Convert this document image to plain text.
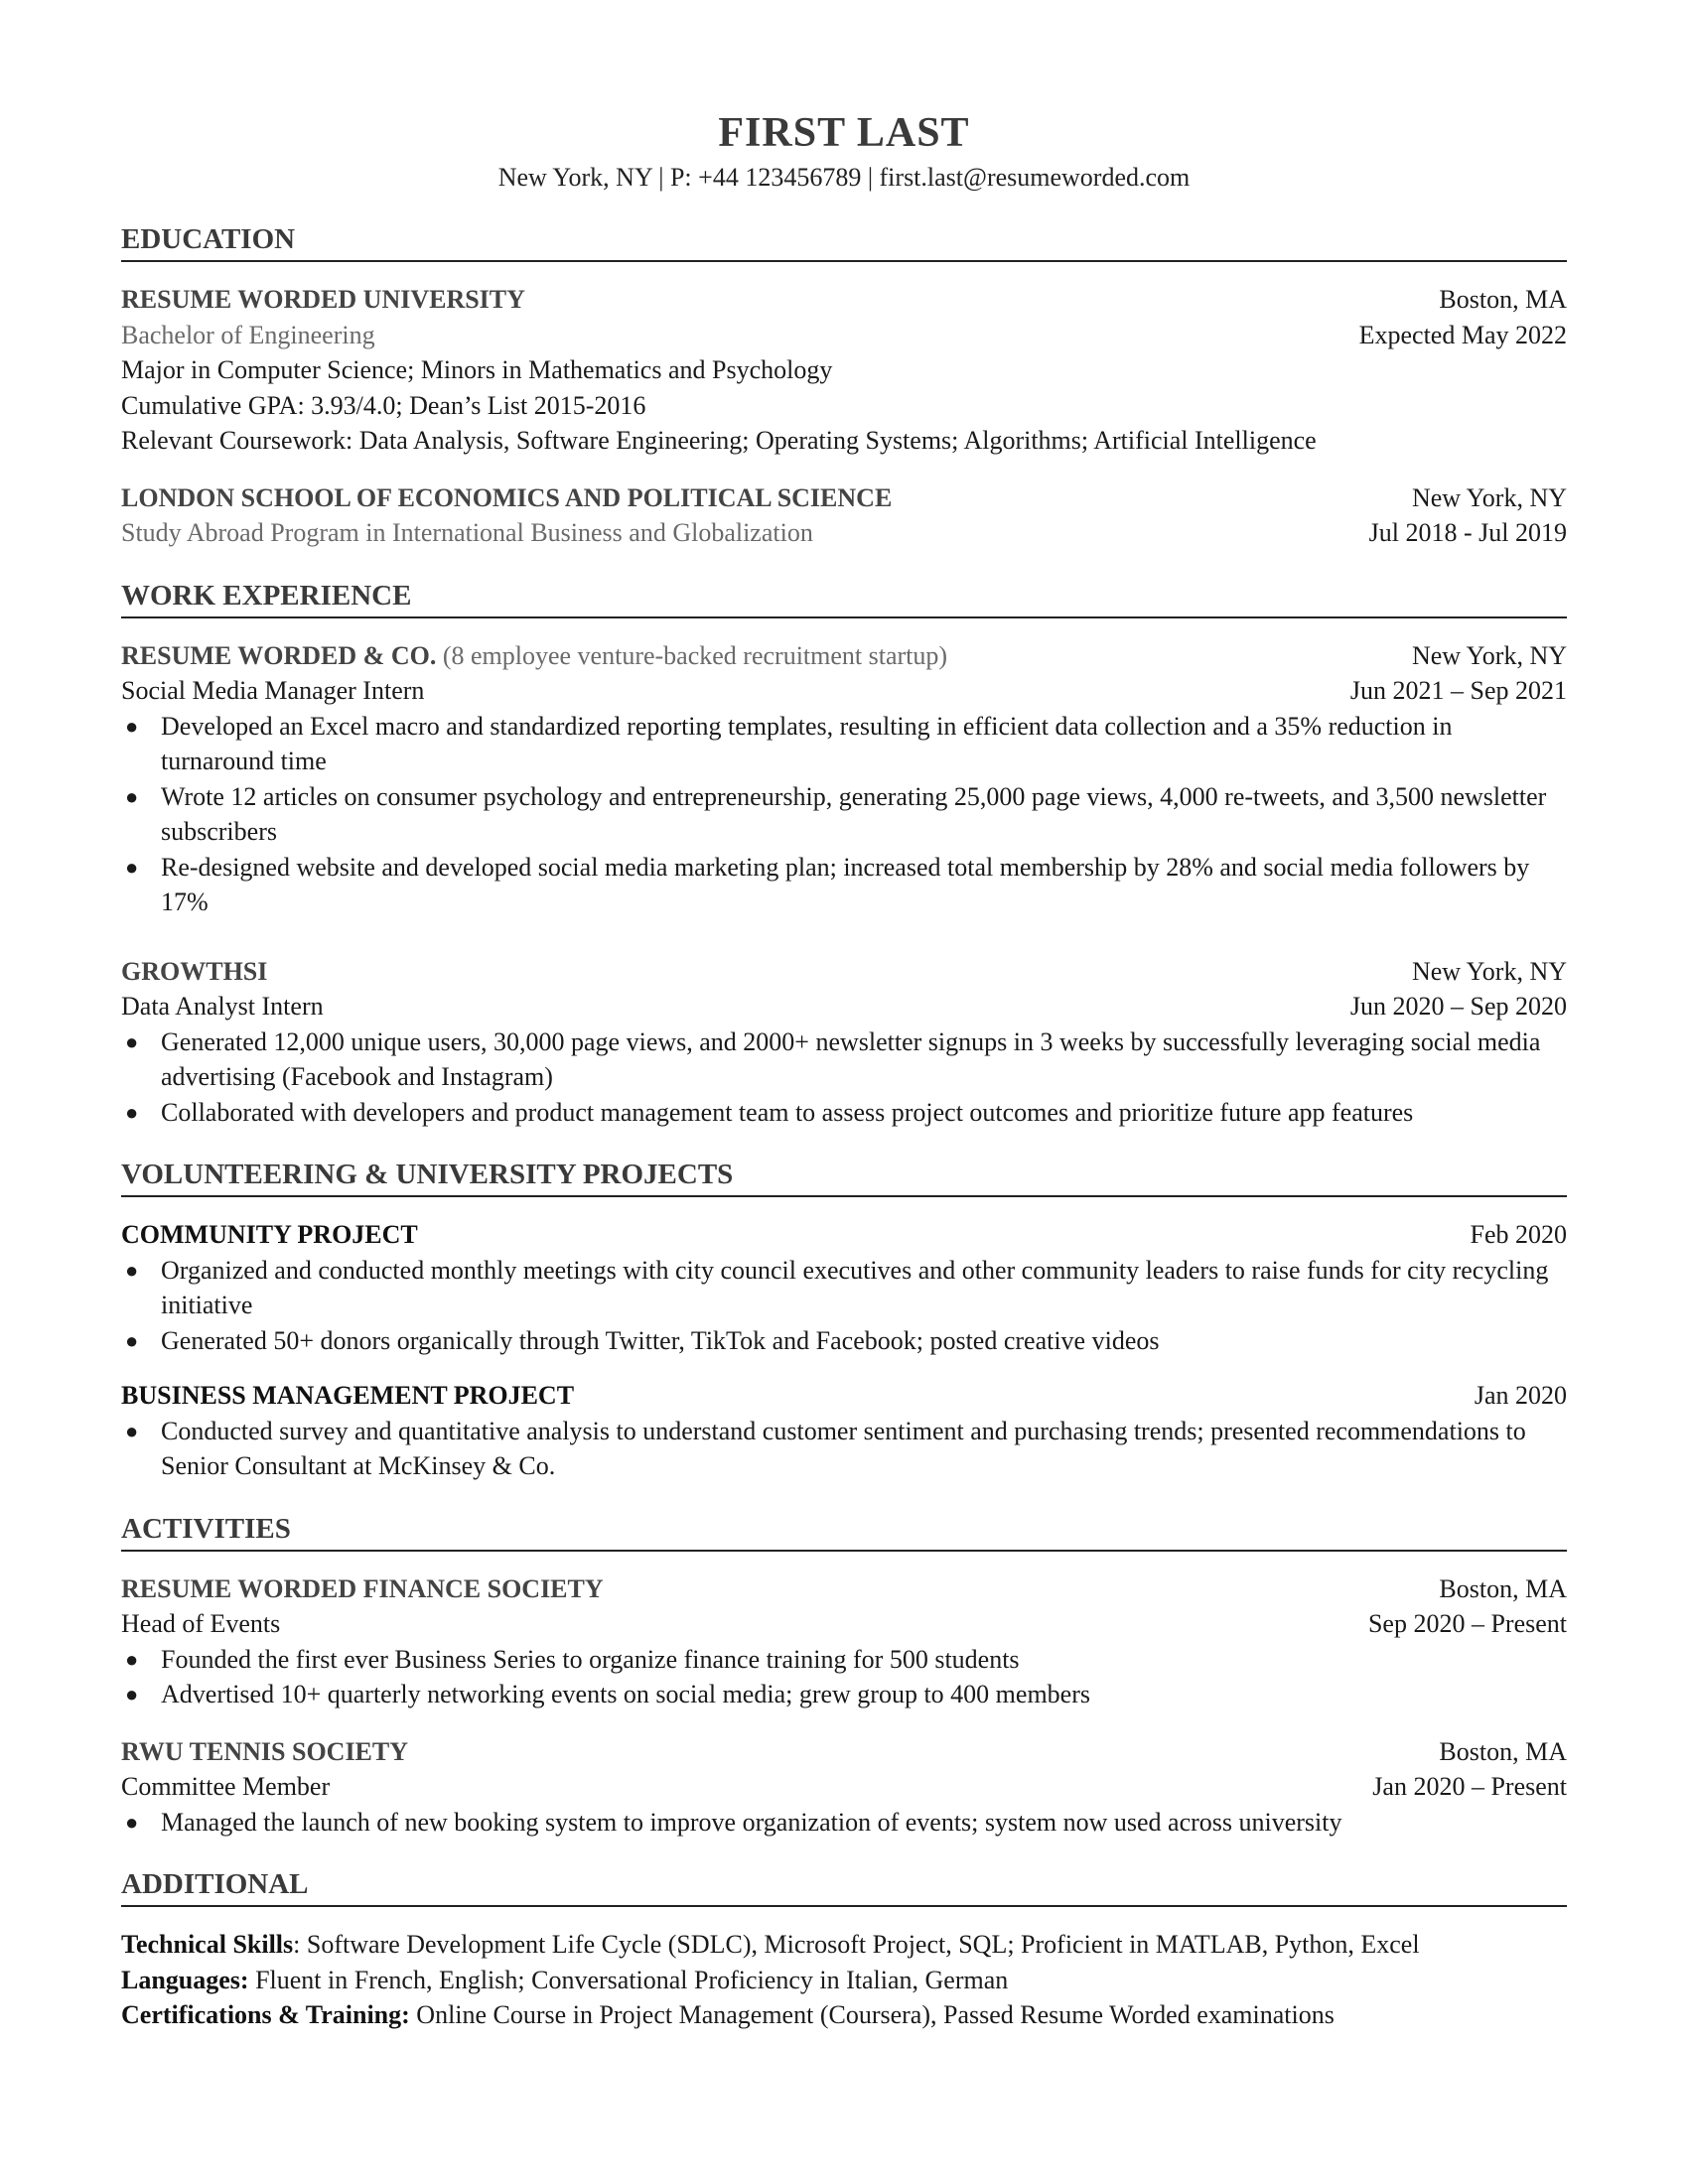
FIRST LAST
New York, NY | P: +44 123456789 | first.last@resumeworded.com
EDUCATION
RESUME WORDED UNIVERSITY	Boston, MA
Bachelor of Engineering	Expected May 2022
Major in Computer Science; Minors in Mathematics and Psychology
Cumulative GPA: 3.93/4.0; Dean’s List 2015-2016
Relevant Coursework: Data Analysis, Software Engineering; Operating Systems; Algorithms; Artificial Intelligence
LONDON SCHOOL OF ECONOMICS AND POLITICAL SCIENCE	New York, NY
Study Abroad Program in International Business and Globalization	Jul 2018 - Jul 2019
WORK EXPERIENCE
RESUME WORDED & CO. (8 employee venture-backed recruitment startup)	New York, NY
Social Media Manager Intern	Jun 2021 – Sep 2021
● Developed an Excel macro and standardized reporting templates, resulting in efficient data collection and a 35% reduction in turnaround time
● Wrote 12 articles on consumer psychology and entrepreneurship, generating 25,000 page views, 4,000 re-tweets, and 3,500 newsletter subscribers
● Re-designed website and developed social media marketing plan; increased total membership by 28% and social media followers by 17%
GROWTHSI	New York, NY
Data Analyst Intern	Jun 2020 – Sep 2020
● Generated 12,000 unique users, 30,000 page views, and 2000+ newsletter signups in 3 weeks by successfully leveraging social media advertising (Facebook and Instagram)
● Collaborated with developers and product management team to assess project outcomes and prioritize future app features
VOLUNTEERING & UNIVERSITY PROJECTS
COMMUNITY PROJECT	Feb 2020
● Organized and conducted monthly meetings with city council executives and other community leaders to raise funds for city recycling initiative
● Generated 50+ donors organically through Twitter, TikTok and Facebook; posted creative videos
BUSINESS MANAGEMENT PROJECT	Jan 2020
● Conducted survey and quantitative analysis to understand customer sentiment and purchasing trends; presented recommendations to Senior Consultant at McKinsey & Co.
ACTIVITIES
RESUME WORDED FINANCE SOCIETY	Boston, MA
Head of Events	Sep 2020 – Present
● Founded the first ever Business Series to organize finance training for 500 students
● Advertised 10+ quarterly networking events on social media; grew group to 400 members
RWU TENNIS SOCIETY	Boston, MA
Committee Member	Jan 2020 – Present
● Managed the launch of new booking system to improve organization of events; system now used across university
ADDITIONAL
Technical Skills: Software Development Life Cycle (SDLC), Microsoft Project, SQL; Proficient in MATLAB, Python, Excel
Languages: Fluent in French, English; Conversational Proficiency in Italian, German
Certifications & Training: Online Course in Project Management (Coursera), Passed Resume Worded examinations
